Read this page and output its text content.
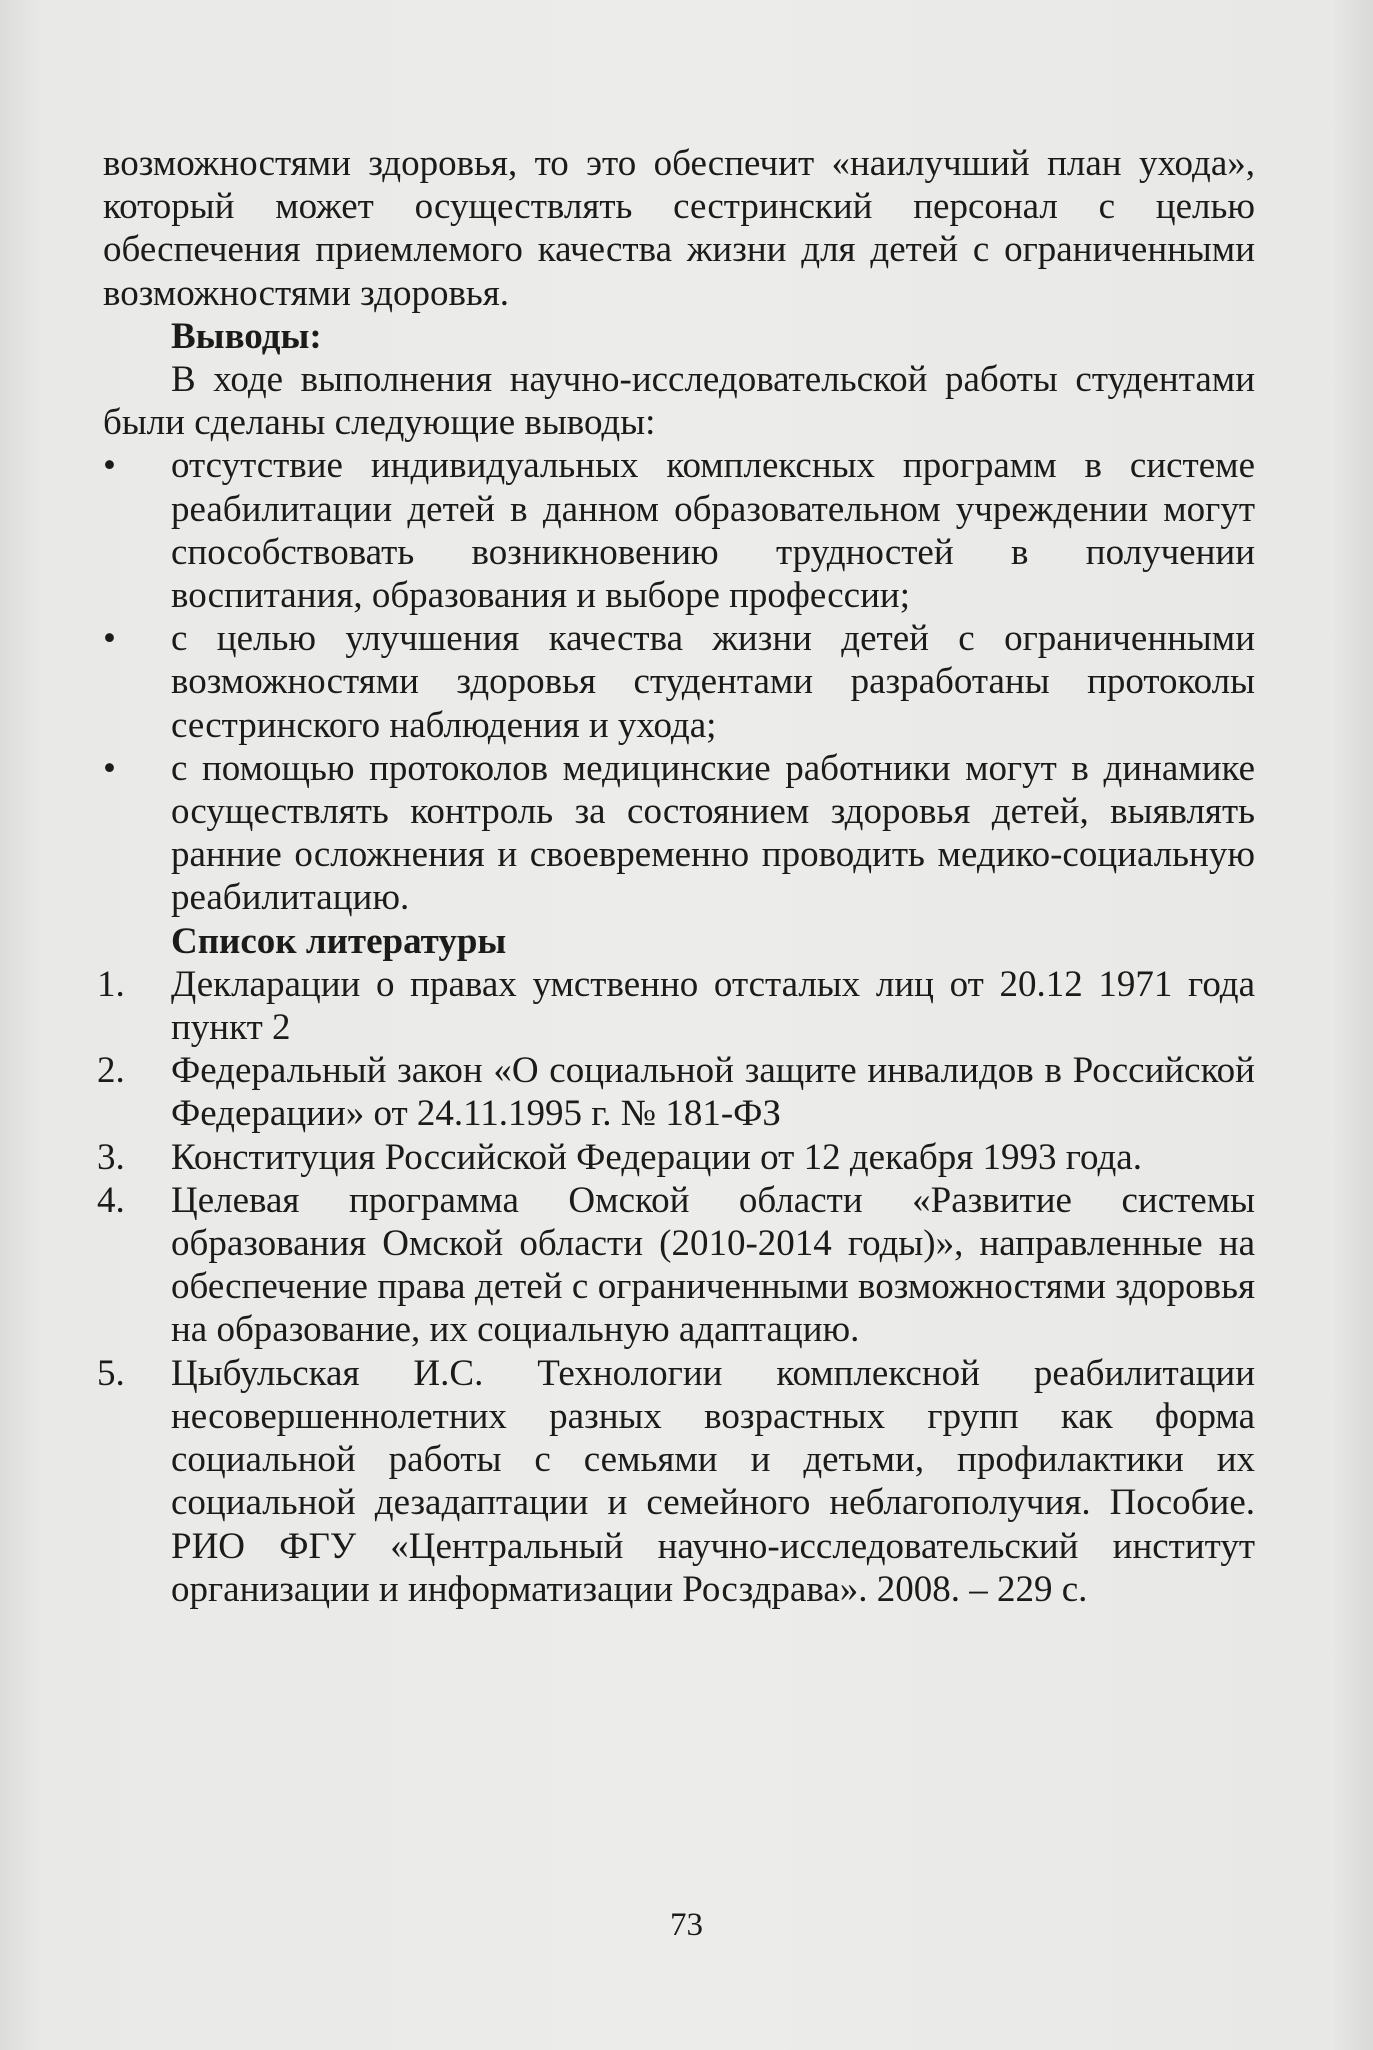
возможностями здоровья, то это обеспечит «наилучший план ухода», который может осуществлять сестринский персонал с целью обеспечения приемлемого качества жизни для детей с ограниченными возможностями здоровья.

Выводы:

В ходе выполнения научно-исследовательской работы студентами были сделаны следующие выводы:

•	отсутствие индивидуальных комплексных программ в системе реабилитации детей в данном образовательном учреждении могут способствовать возникновению трудностей в получении воспитания, образования и выборе профессии;
•	с целью улучшения качества жизни детей с ограниченными возможностями здоровья студентами разработаны протоколы сестринского наблюдения и ухода;
•	с помощью протоколов медицинские работники могут в динамике осуществлять контроль за состоянием здоровья детей, выявлять ранние осложнения и своевременно проводить медико-социальную реабилитацию.
Список литературы
1.	Декларации о правах умственно отсталых лиц от 20.12 1971 года пункт 2
2.	Федеральный закон «О социальной защите инвалидов в Российской Федерации» от 24.11.1995 г. № 181-ФЗ
3.	Конституция Российской Федерации от 12 декабря 1993 года.
4.	Целевая программа Омской области «Развитие системы образования Омской области (2010-2014 годы)», направленные на обеспечение права детей с ограниченными возможностями здоровья на образование, их социальную адаптацию.
5.	Цыбульская И.С. Технологии комплексной реабилитации несовершеннолетних разных возрастных групп как форма социальной работы с семьями и детьми, профилактики их социальной дезадаптации и семейного неблагополучия. Пособие. РИО ФГУ «Центральный научно-исследовательский институт организации и информатизации Росздрава». 2008. – 229 с.
73
